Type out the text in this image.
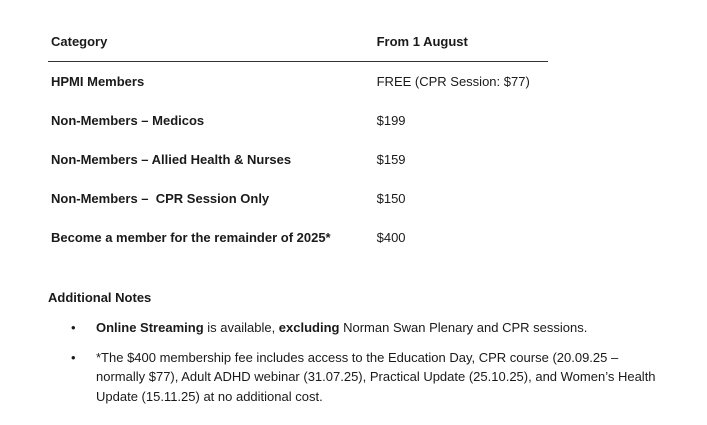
Category	From 1 August
HPMI Members	FREE (CPR Session: $77)
Non-Members – Medicos	$199
Non-Members – Allied Health & Nurses	$159
Non-Members –  CPR Session Only	$150
Become a member for the remainder of 2025*	$400
Additional Notes
• Online Streaming is available, excluding Norman Swan Plenary and CPR sessions.
• *The $400 membership fee includes access to the Education Day, CPR course (20.09.25 – normally $77), Adult ADHD webinar (31.07.25), Practical Update (25.10.25), and Women’s Health Update (15.11.25) at no additional cost.
